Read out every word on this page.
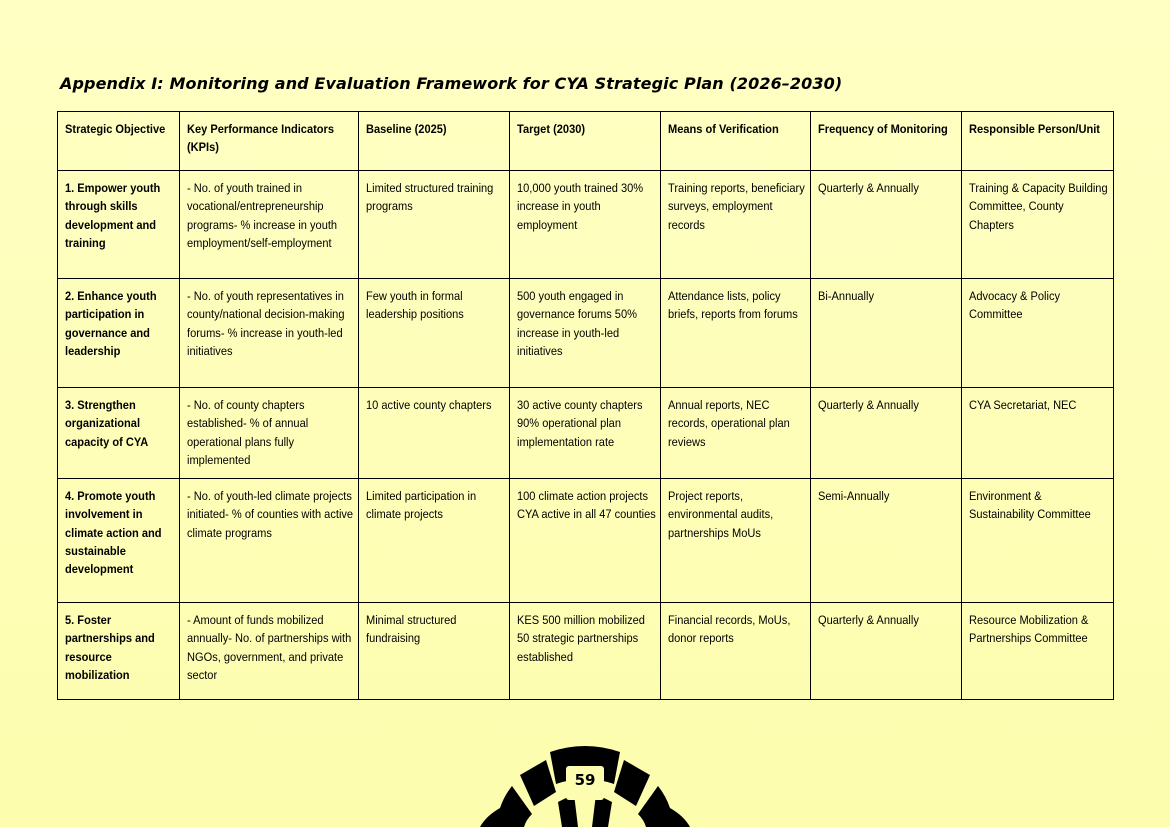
Appendix I: Monitoring and Evaluation Framework for CYA Strategic Plan (2026–2030)
Strategic Objective	Key Performance Indicators (KPIs)	Baseline (2025)	Target (2030)	Means of Verification	Frequency of Monitoring	Responsible Person/Unit

1. Empower youth through skills development and training	- No. of youth trained in vocational/entrepreneurship programs- % increase in youth employment/self-employment	Limited structured training programs	10,000 youth trained 30% increase in youth employment	Training reports, beneficiary surveys, employment records	Quarterly & Annually	Training & Capacity Building Committee, County Chapters

2. Enhance youth participation in governance and leadership	- No. of youth representatives in county/national decision-making forums- % increase in youth-led initiatives	Few youth in formal leadership positions	500 youth engaged in governance forums 50% increase in youth-led initiatives	Attendance lists, policy briefs, reports from forums	Bi-Annually	Advocacy & Policy Committee

3. Strengthen organizational capacity of CYA	- No. of county chapters established- % of annual operational plans fully implemented	10 active county chapters	30 active county chapters 90% operational plan implementation rate	Annual reports, NEC records, operational plan reviews	Quarterly & Annually	CYA Secretariat, NEC

4. Promote youth involvement in climate action and sustainable development	- No. of youth-led climate projects initiated- % of counties with active climate programs	Limited participation in climate projects	100 climate action projects CYA active in all 47 counties	Project reports, environmental audits, partnerships MoUs	Semi-Annually	Environment & Sustainability Committee

5. Foster partnerships and resource mobilization	- Amount of funds mobilized annually- No. of partnerships with NGOs, government, and private sector	Minimal structured fundraising	KES 500 million mobilized 50 strategic partnerships established	Financial records, MoUs, donor reports	Quarterly & Annually	Resource Mobilization & Partnerships Committee
59
